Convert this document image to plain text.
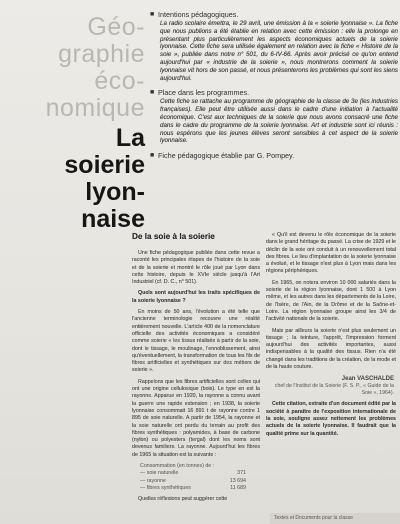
Géo-
graphie
éco-
nomique
La
soierie
lyon-
naise

■ Intentions pédagogiques.

La radio scolaire émettra, le 29 avril, une émission à la « soierie lyonnaise ». La fiche que nous publions a été établie en relation avec cette émission : elle la prolonge en présentant plus particulièrement les aspects économiques actuels de la soierie lyonnaise. Cette fiche sera utilisée également en relation avec la fiche « Histoire de la soie », publiée dans notre n° 501, du 6-IV-66. Après avoir précisé ce qu'on entend aujourd'hui par « industrie de la soierie », nous montrerons comment la soierie lyonnaise vit hors de son passé, et nous présenterons les problèmes qui sont les siens aujourd'hui.

■ Place dans les programmes.

Cette fiche se rattache au programme de géographie de la classe de 3e (les industries françaises). Elle peut être utilisée aussi dans le cadre d'une initiation à l'actualité économique. C'est aux techniques de la soierie que nous avons consacré une fiche dans le cadre du programme de la soierie lyonnaise. Art et industrie sont ici réunis : nous espérons que les jeunes élèves seront sensibles à cet aspect de la soierie lyonnaise.

■ Fiche pédagogique établie par G. Pompey.

De la soie à la soierie

Une fiche pédagogique publiée dans cette revue a raconté les principales étapes de l'histoire de la soie et de la soierie et montré le rôle joué par Lyon dans cette histoire, depuis le XVIe siècle jusqu'à l'Art Industriel (cf. D. C., n° 501).

Quels sont aujourd'hui les traits spécifiques de la soierie lyonnaise ?

En moins de 50 ans, l'évolution a été telle que l'ancienne terminologie recouvre une réalité entièrement nouvelle. L'article 400 de la nomenclature officielle des activités économiques a considéré comme soierie « les tissus réalisés à partir de la soie, dont le tissage, le moulinage, l'ennoblissement, ainsi qu'éventuellement, la transformation de tous les fils de fibres artificielles et synthétiques sur des métiers de soierie ».

Rappelons que les fibres artificielles sont celles qui ont une origine cellulosique (bois). Le type en est la rayonne. Apparue en 1920, la rayonne a connu avant la guerre une rapide extension ; en 1938, la soierie lyonnaise consommait 16 891 t de rayonne contre 1 895 de soie naturelle. A partir de 1954, la rayonne et la soie naturelle ont perdu du terrain au profit des fibres synthétiques : polyamides, à base de carbone (nylon) ou polyesters (tergal) dont les noms sont devenus familiers. La rayonne. Aujourd'hui les fibres de 1965 la situation est la suivante :

Consommation (en tonnes) de :
— soie naturelle	371
— rayonne	13 694
— fibres synthétiques	11 689

Quelles réflexions peut suggérer cette

« Qu'il est devenu le rôle économique de la soierie dans le grand héritage du passé. La crise de 1929 et le déclin de la soie ont conduit à un renouvellement total des fibres. Le lieu d'implantation de la soierie lyonnaise a évolué, et le tissage n'est plus à Lyon mais dans les régions périphériques.

En 1965, on notera environ 10 000 salariés dans la soierie de la région lyonnaise, dont 1 500 à Lyon même, et les autres dans les départements de la Loire, de l'Isère, de l'Ain, de la Drôme et de la Saône-et-Loire. La région lyonnaise groupe ainsi les 3/4 de l'activité nationale de la soierie.

Mais par ailleurs la soierie n'est plus seulement un tissage ; la teinture, l'apprêt, l'impression forment aujourd'hui des activités importantes, aussi indispensables à la qualité des tissus. Rien n'a été changé dans les traditions de la création, de la mode et de la haute couture.

Jean VASCHALDE
chef de l'Institut de la Soierie (F. S. P., « Guide de la Soie », 1964).

Cette citation, extraite d'un document édité par la société à paraître de l'exposition internationale de la soie, souligne assez nettement les problèmes actuels de la soierie lyonnaise. Il faudrait que la qualité prime sur la quantité.

Textes et Documents pour la classe
